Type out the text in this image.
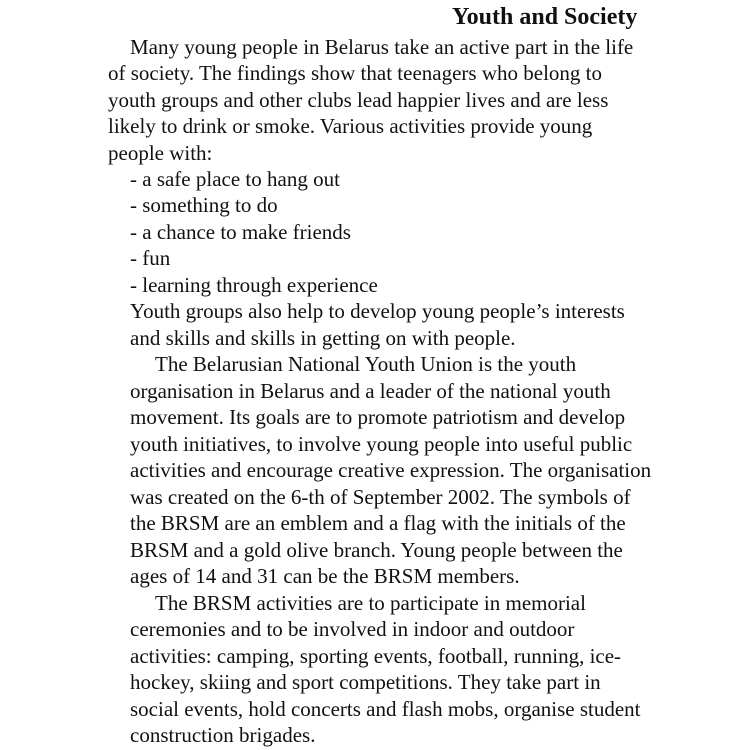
Youth and Society
Many young people in Belarus take an active part in the life
of society. The findings show that teenagers who belong to
youth groups and other clubs lead happier lives and are less
likely to drink or smoke. Various activities provide young
people with:
- a safe place to hang out
- something to do
- a chance to make friends
- fun
- learning through experience
Youth groups also help to develop young people’s interests
and skills and skills in getting on with people.
The Belarusian National Youth Union is the youth
organisation in Belarus and a leader of the national youth
movement. Its goals are to promote patriotism and develop
youth initiatives, to involve young people into useful public
activities and encourage creative expression. The organisation
was created on the 6-th of September 2002. The symbols of
the BRSM are an emblem and a flag with the initials of the
BRSM and a gold olive branch. Young people between the
ages of 14 and 31 can be the BRSM members.
The BRSM activities are to participate in memorial
ceremonies and to be involved in indoor and outdoor
activities: camping, sporting events, football, running, ice-
hockey, skiing and sport competitions. They take part in
social events, hold concerts and flash mobs, organise student
construction brigades.
